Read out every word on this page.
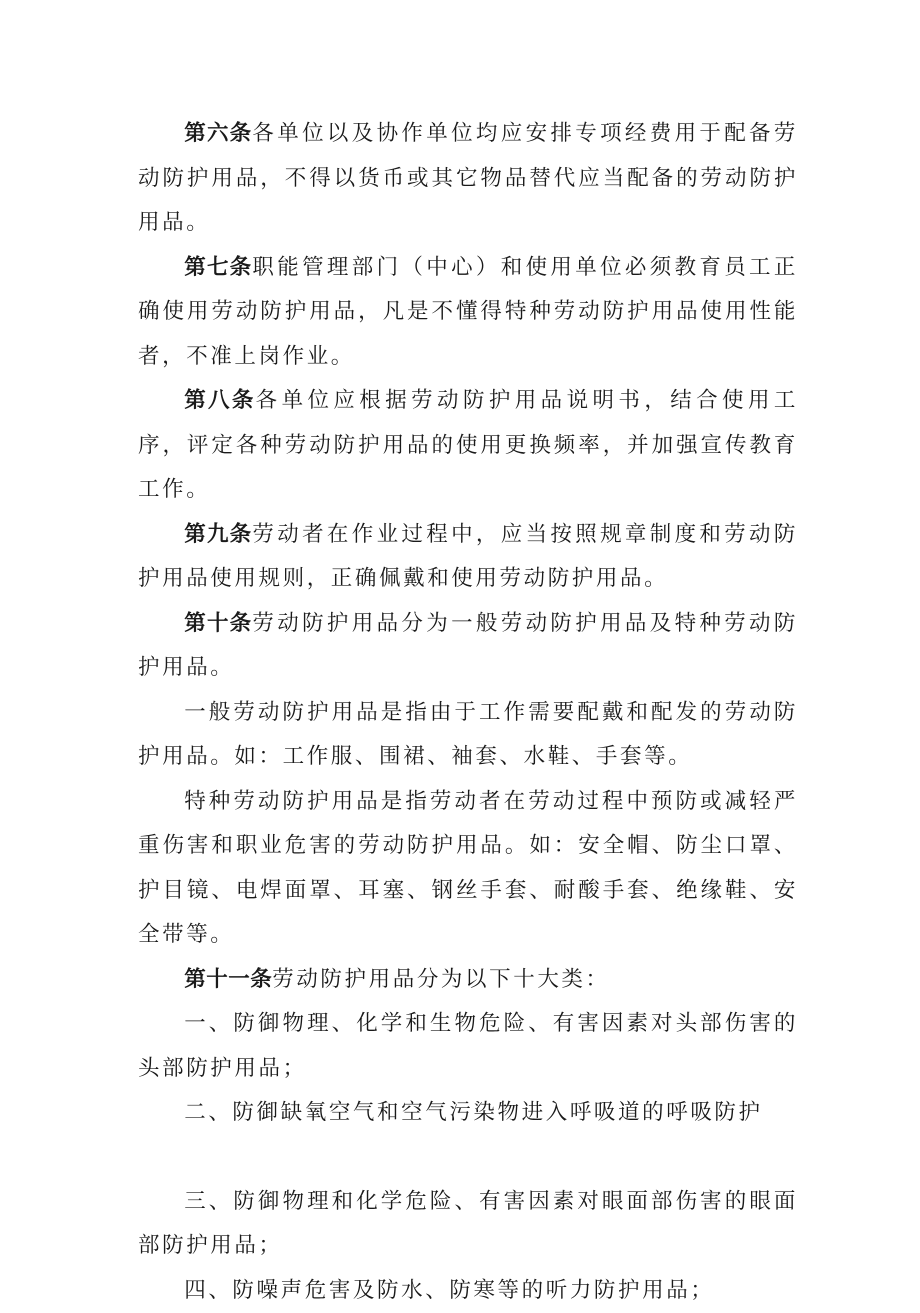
第六条各单位以及协作单位均应安排专项经费用于配备劳动防护用品，不得以货币或其它物品替代应当配备的劳动防护用品。

第七条职能管理部门（中心）和使用单位必须教育员工正确使用劳动防护用品，凡是不懂得特种劳动防护用品使用性能者，不准上岗作业。

第八条各单位应根据劳动防护用品说明书，结合使用工序，评定各种劳动防护用品的使用更换频率，并加强宣传教育工作。

第九条劳动者在作业过程中，应当按照规章制度和劳动防护用品使用规则，正确佩戴和使用劳动防护用品。

第十条劳动防护用品分为一般劳动防护用品及特种劳动防护用品。

一般劳动防护用品是指由于工作需要配戴和配发的劳动防护用品。如：工作服、围裙、袖套、水鞋、手套等。

特种劳动防护用品是指劳动者在劳动过程中预防或减轻严重伤害和职业危害的劳动防护用品。如：安全帽、防尘口罩、护目镜、电焊面罩、耳塞、钢丝手套、耐酸手套、绝缘鞋、安全带等。

第十一条劳动防护用品分为以下十大类：

一、防御物理、化学和生物危险、有害因素对头部伤害的头部防护用品；

二、防御缺氧空气和空气污染物进入呼吸道的呼吸防护

三、防御物理和化学危险、有害因素对眼面部伤害的眼面部防护用品；

四、防噪声危害及防水、防寒等的听力防护用品；
